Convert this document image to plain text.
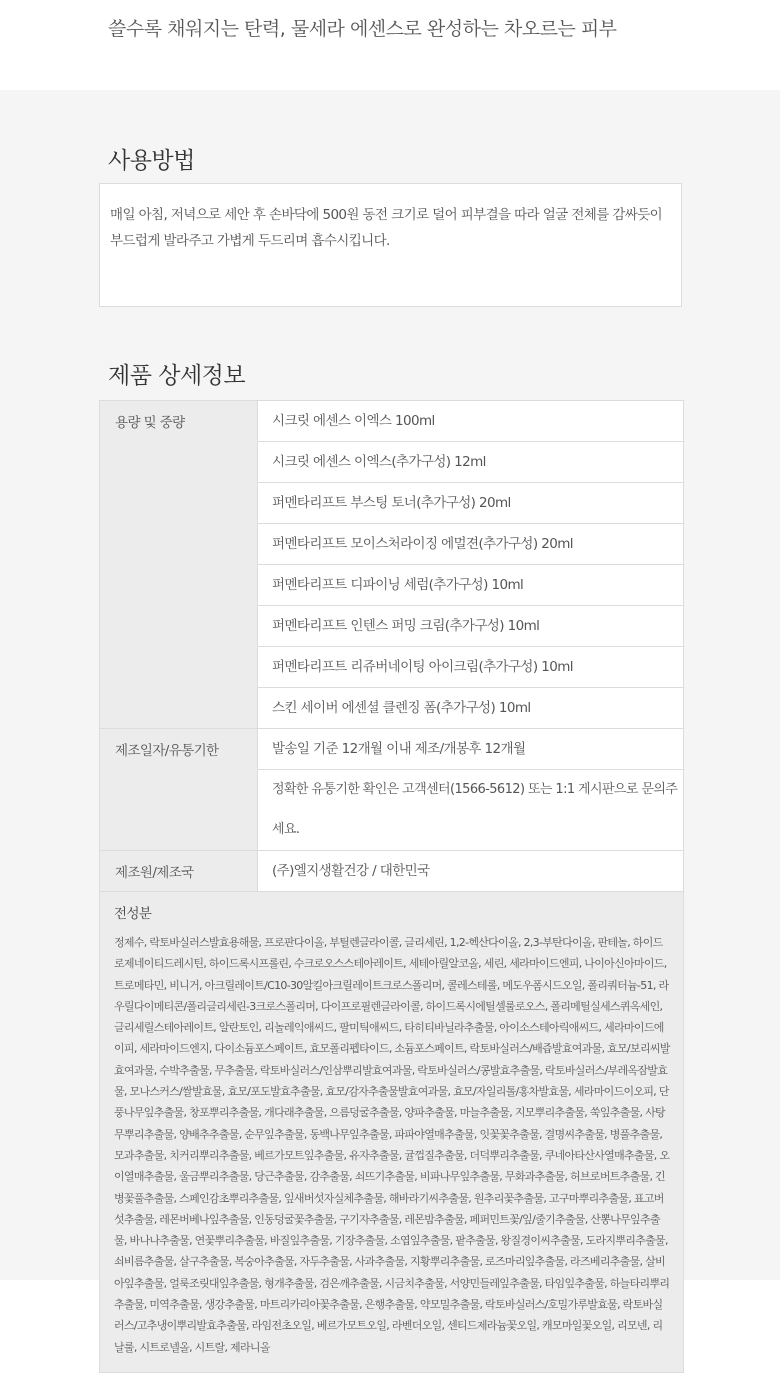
쓸수록 채워지는 탄력, 물세라 에센스로 완성하는 차오르는 피부
사용방법
매일 아침, 저녁으로 세안 후 손바닥에 500원 동전 크기로 덜어 피부결을 따라 얼굴 전체를 감싸듯이 부드럽게 발라주고 가볍게 두드리며 흡수시킵니다.
제품 상세정보
용량 및 중량	시크릿 에센스 이엑스 100ml
	시크릿 에센스 이엑스(추가구성) 12ml
	퍼멘타리프트 부스팅 토너(추가구성) 20ml
	퍼멘타리프트 모이스처라이징 에멀젼(추가구성) 20ml
	퍼멘타리프트 디파이닝 세럼(추가구성) 10ml
	퍼멘타리프트 인텐스 퍼밍 크림(추가구성) 10ml
	퍼멘타리프트 리쥬버네이팅 아이크림(추가구성) 10ml
	스킨 세이버 에센셜 클렌징 폼(추가구성) 10ml
제조일자/유통기한	발송일 기준 12개월 이내 제조/개봉후 12개월
	정확한 유통기한 확인은 고객센터(1566-5612) 또는 1:1 게시판으로 문의주세요.
제조원/제조국	(주)엘지생활건강 / 대한민국

전성분
정제수, 락토바실러스발효용해물, 프로판다이올, 부틸렌글라이콜, 글리세린, 1,2-헥산다이올, 2,3-부탄다이올, 판테놀, 하이드로제네이티드레시틴, 하이드록시프롤린, 수크로오스스테아레이트, 세테아릴알코올, 세린, 세라마이드엔피, 나이아신아마이드, 트로메타민, 비니거, 아크릴레이트/C10-30알킬아크릴레이트크로스폴리머, 콜레스테롤, 메도우폼시드오일, 폴리쿼터늄-51, 라우릴다이메티콘/폴리글리세린-3크로스폴리머, 다이프로필렌글라이콜, 하이드록시에틸셀룰로오스, 폴리메틸실세스퀴옥세인, 글리세릴스테아레이트, 알란토인, 리놀레익애씨드, 팔미틱애씨드, 타히티바닐라추출물, 아이소스테아릭애씨드, 세라마이드에이피, 세라마이드엔지, 다이소듐포스페이트, 효모폴리펩타이드, 소듐포스페이트, 락토바실러스/배즙발효여과물, 효모/보리씨발효여과물, 수박추출물, 무추출물, 락토바실러스/인삼뿌리발효여과물, 락토바실러스/콩발효추출물, 락토바실러스/부레옥잠발효물, 모나스커스/쌀발효물, 효모/포도발효추출물, 효모/감자추출물발효여과물, 효모/자일리톨/홍차발효물, 세라마이드이오피, 단풍나무잎추출물, 창포뿌리추출물, 개다래추출물, 으름덩굴추출물, 양파추출물, 마늘추출물, 지모뿌리추출물, 쑥잎추출물, 사탕무뿌리추출물, 양배추추출물, 순무잎추출물, 동백나무잎추출물, 파파야열매추출물, 잇꽃꽃추출물, 결명씨추출물, 병풀추출물, 모과추출물, 치커리뿌리추출물, 베르가모트잎추출물, 유자추출물, 귤껍질추출물, 더덕뿌리추출물, 쿠네아타산사열매추출물, 오이열매추출물, 울금뿌리추출물, 당근추출물, 감추출물, 쇠뜨기추출물, 비파나무잎추출물, 무화과추출물, 허브로버트추출물, 긴병꽃풀추출물, 스페인감초뿌리추출물, 잎새버섯자실체추출물, 해바라기씨추출물, 원추리꽃추출물, 고구마뿌리추출물, 표고버섯추출물, 레몬버베나잎추출물, 인동덩굴꽃추출물, 구기자추출물, 레몬밤추출물, 페퍼민트꽃/잎/줄기추출물, 산뽕나무잎추출물, 바나나추출물, 연꽃뿌리추출물, 바질잎추출물, 기장추출물, 소엽잎추출물, 팥추출물, 왕질경이씨추출물, 도라지뿌리추출물, 쇠비름추출물, 살구추출물, 복숭아추출물, 자두추출물, 사과추출물, 지황뿌리추출물, 로즈마리잎추출물, 라즈베리추출물, 살비아잎추출물, 얼룩조릿대잎추출물, 형개추출물, 검은깨추출물, 시금치추출물, 서양민들레잎추출물, 타임잎추출물, 하늘타리뿌리추출물, 미역추출물, 생강추출물, 마트리카리아꽃추출물, 은행추출물, 약모밀추출물, 락토바실러스/호밀가루발효물, 락토바실러스/고추냉이뿌리발효추출물, 라임전초오일, 베르가모트오일, 라벤더오일, 센티드제라늄꽃오일, 캐모마일꽃오일, 리모넨, 리날룰, 시트로넬올, 시트랄, 제라니올	
